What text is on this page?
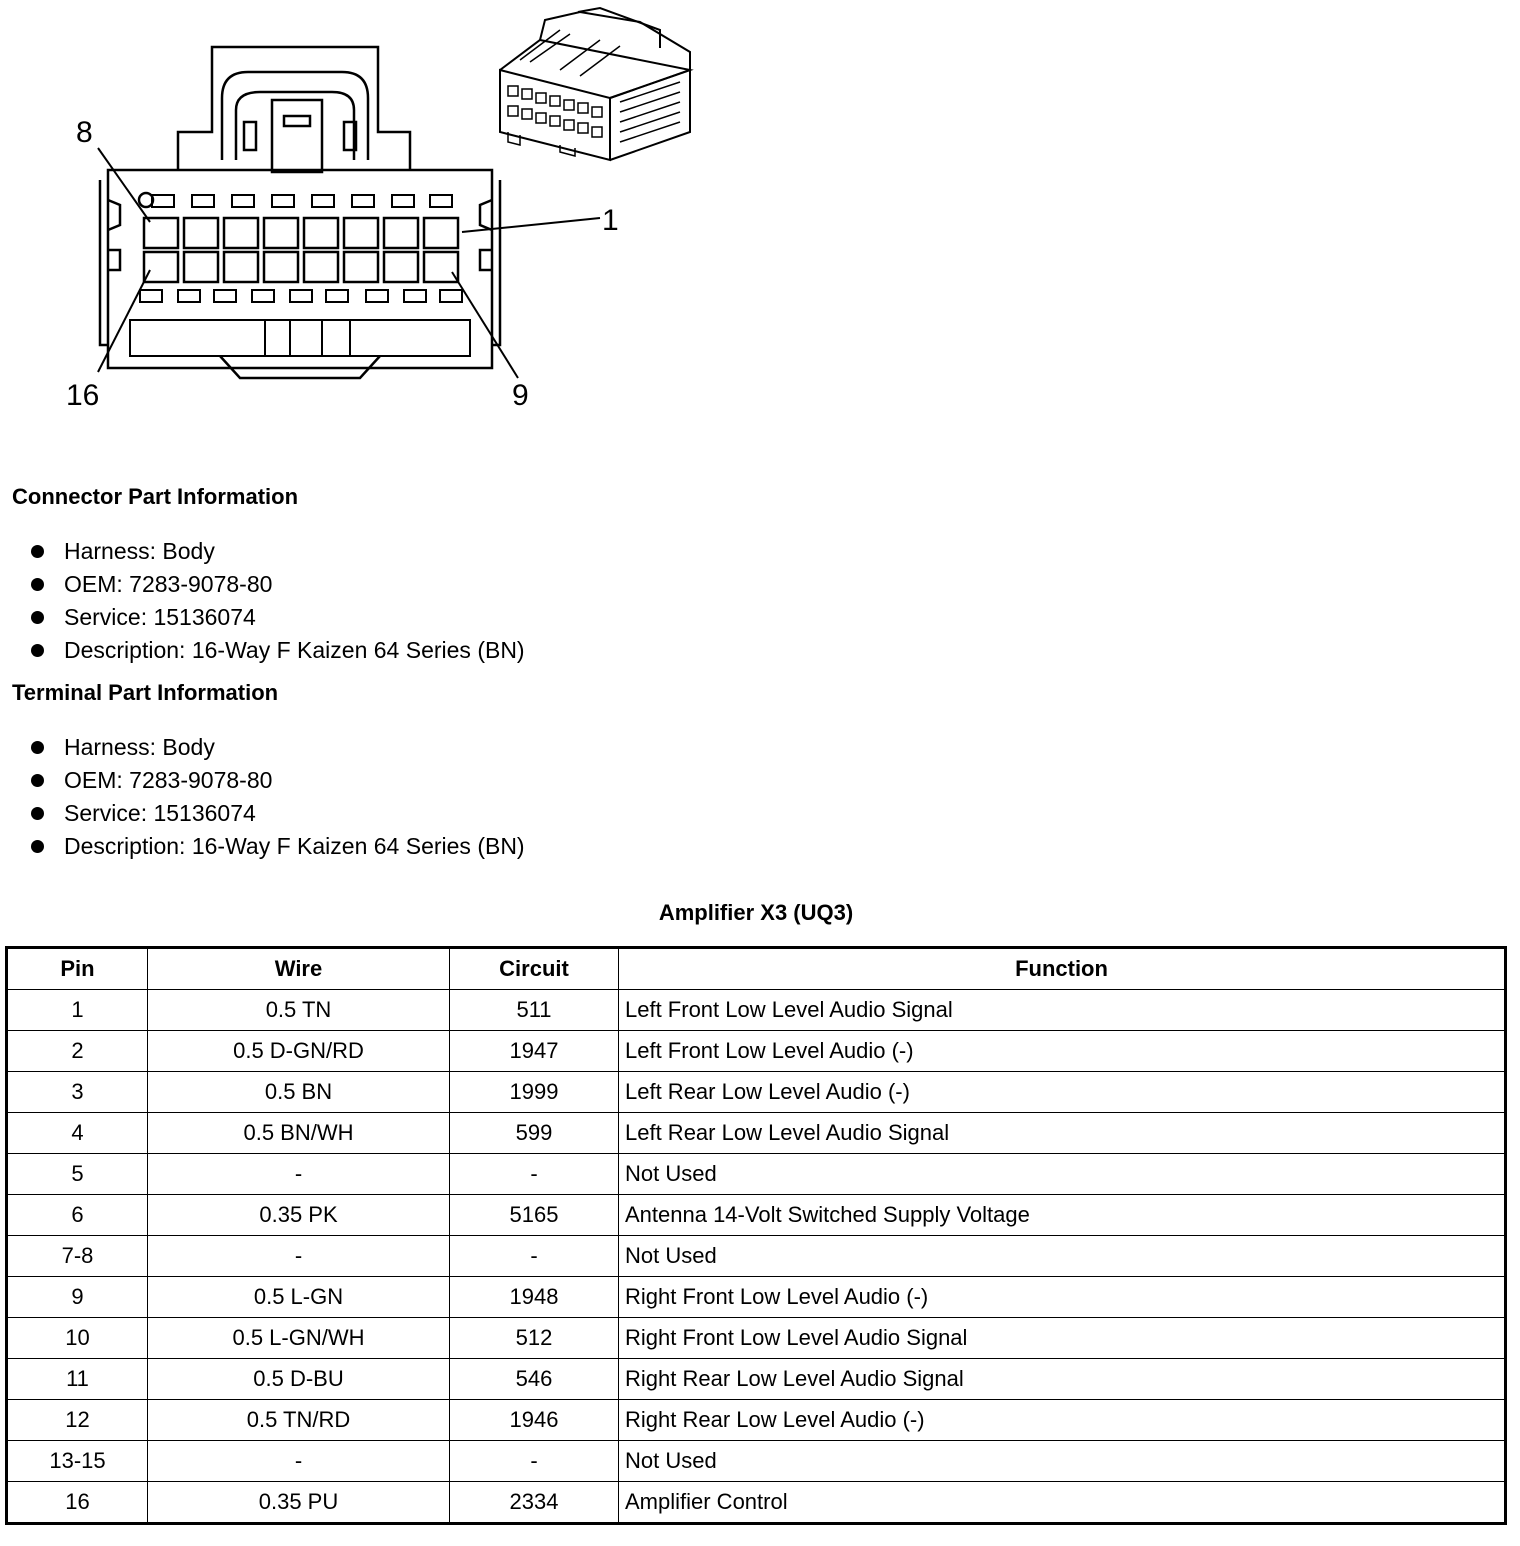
8
1
16	9
Connector Part Information
Harness: Body
OEM: 7283-9078-80
Service: 15136074
Description: 16-Way F Kaizen 64 Series (BN)
Terminal Part Information
Harness: Body
OEM: 7283-9078-80
Service: 15136074
Description: 16-Way F Kaizen 64 Series (BN)
Amplifier X3 (UQ3)
Pin	Wire	Circuit	Function
1	0.5 TN	511	Left Front Low Level Audio Signal
2	0.5 D-GN/RD	1947	Left Front Low Level Audio (-)
3	0.5 BN	1999	Left Rear Low Level Audio (-)
4	0.5 BN/WH	599	Left Rear Low Level Audio Signal
5	-	-	Not Used
6	0.35 PK	5165	Antenna 14-Volt Switched Supply Voltage
7-8	-	-	Not Used
9	0.5 L-GN	1948	Right Front Low Level Audio (-)
10	0.5 L-GN/WH	512	Right Front Low Level Audio Signal
11	0.5 D-BU	546	Right Rear Low Level Audio Signal
12	0.5 TN/RD	1946	Right Rear Low Level Audio (-)
13-15	-	-	Not Used
16	0.35 PU	2334	Amplifier Control
